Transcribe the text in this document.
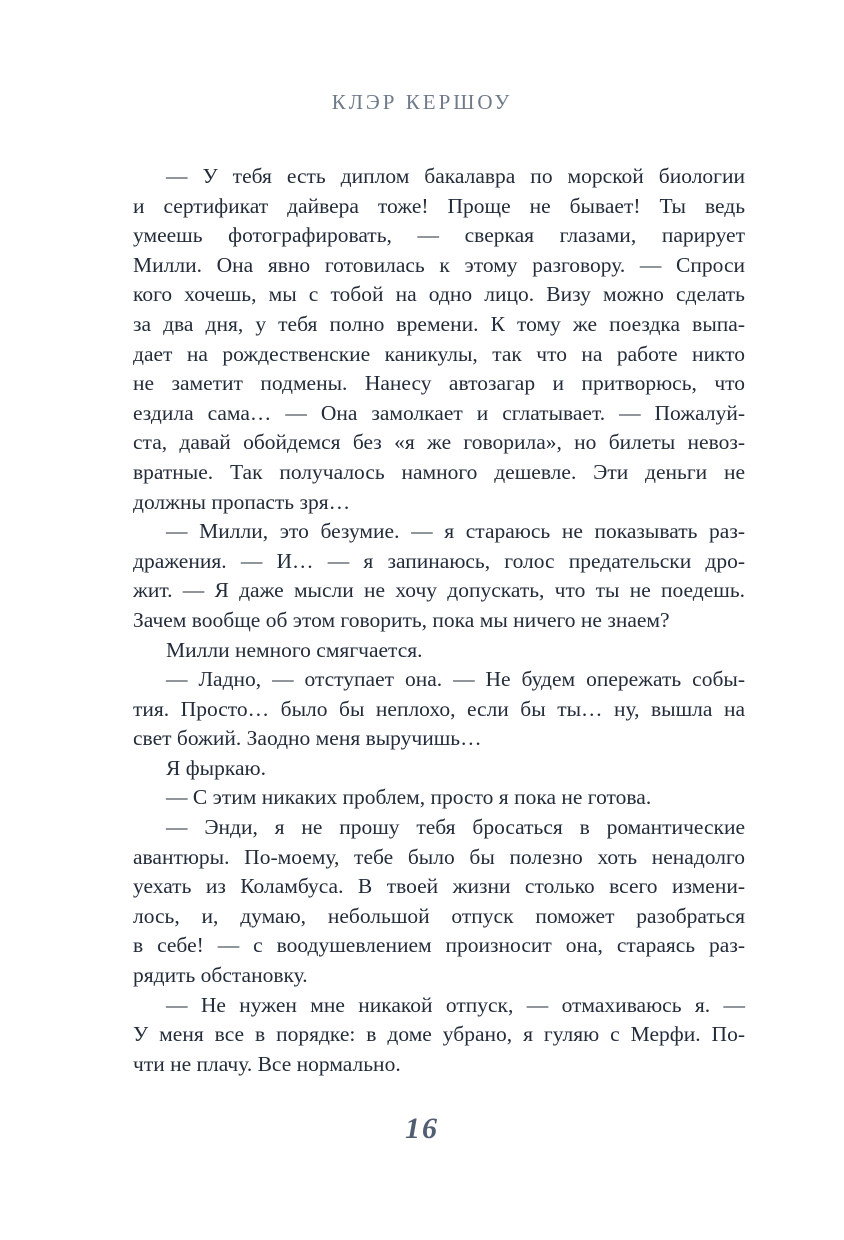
КЛЭР КЕРШОУ
— У тебя есть диплом бакалавра по морской биологии
и сертификат дайвера тоже! Проще не бывает! Ты ведь
умеешь фотографировать, — сверкая глазами, парирует
Милли. Она явно готовилась к этому разговору. — Спроси
кого хочешь, мы с тобой на одно лицо. Визу можно сделать
за два дня, у тебя полно времени. К тому же поездка выпа-
дает на рождественские каникулы, так что на работе никто
не заметит подмены. Нанесу автозагар и притворюсь, что
ездила сама… — Она замолкает и сглатывает. — Пожалуй-
ста, давай обойдемся без «я же говорила», но билеты невоз-
вратные. Так получалось намного дешевле. Эти деньги не
должны пропасть зря…
— Милли, это безумие. — я стараюсь не показывать раз-
дражения. — И… — я запинаюсь, голос предательски дро-
жит. — Я даже мысли не хочу допускать, что ты не поедешь.
Зачем вообще об этом говорить, пока мы ничего не знаем?
Милли немного смягчается.
— Ладно, — отступает она. — Не будем опережать собы-
тия. Просто… было бы неплохо, если бы ты… ну, вышла на
свет божий. Заодно меня выручишь…
Я фыркаю.
— С этим никаких проблем, просто я пока не готова.
— Энди, я не прошу тебя бросаться в романтические
авантюры. По-моему, тебе было бы полезно хоть ненадолго
уехать из Коламбуса. В твоей жизни столько всего измени-
лось, и, думаю, небольшой отпуск поможет разобраться
в себе! — с воодушевлением произносит она, стараясь раз-
рядить обстановку.
— Не нужен мне никакой отпуск, — отмахиваюсь я. —
У меня все в порядке: в доме убрано, я гуляю с Мерфи. По-
чти не плачу. Все нормально.
16
